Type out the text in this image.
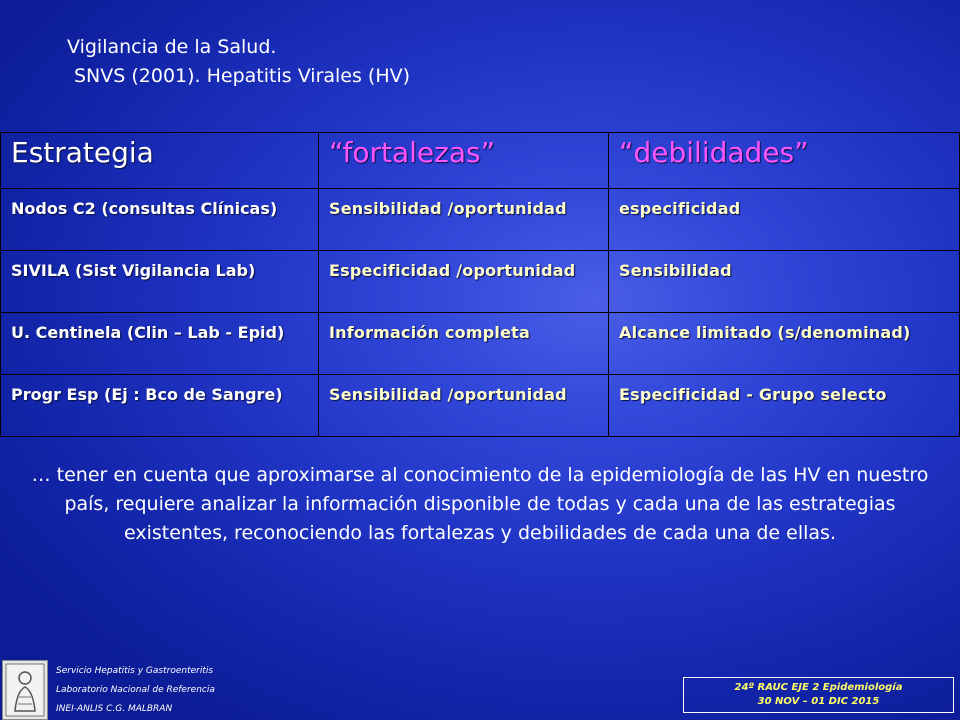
Vigilancia de la Salud.
SNVS (2001). Hepatitis Virales (HV)
Estrategia	“fortalezas”	“debilidades”
Nodos C2 (consultas Clínicas)	Sensibilidad /oportunidad	especificidad
SIVILA (Sist Vigilancia Lab)	Especificidad /oportunidad	Sensibilidad
U. Centinela (Clin – Lab - Epid)	Información completa	Alcance limitado (s/denominad)
Progr Esp (Ej : Bco de Sangre)	Sensibilidad /oportunidad	Especificidad - Grupo selecto
… tener en cuenta que aproximarse al conocimiento de la epidemiología de las HV en nuestro país, requiere analizar la información disponible de todas y cada una de las estrategias existentes, reconociendo las fortalezas y debilidades de cada una de ellas.
Servicio Hepatitis y Gastroenteritis
Laboratorio Nacional de Referencia
INEI-ANLIS C.G. MALBRAN
24º RAUC EJE 2 Epidemiología
30 NOV – 01 DIC 2015
